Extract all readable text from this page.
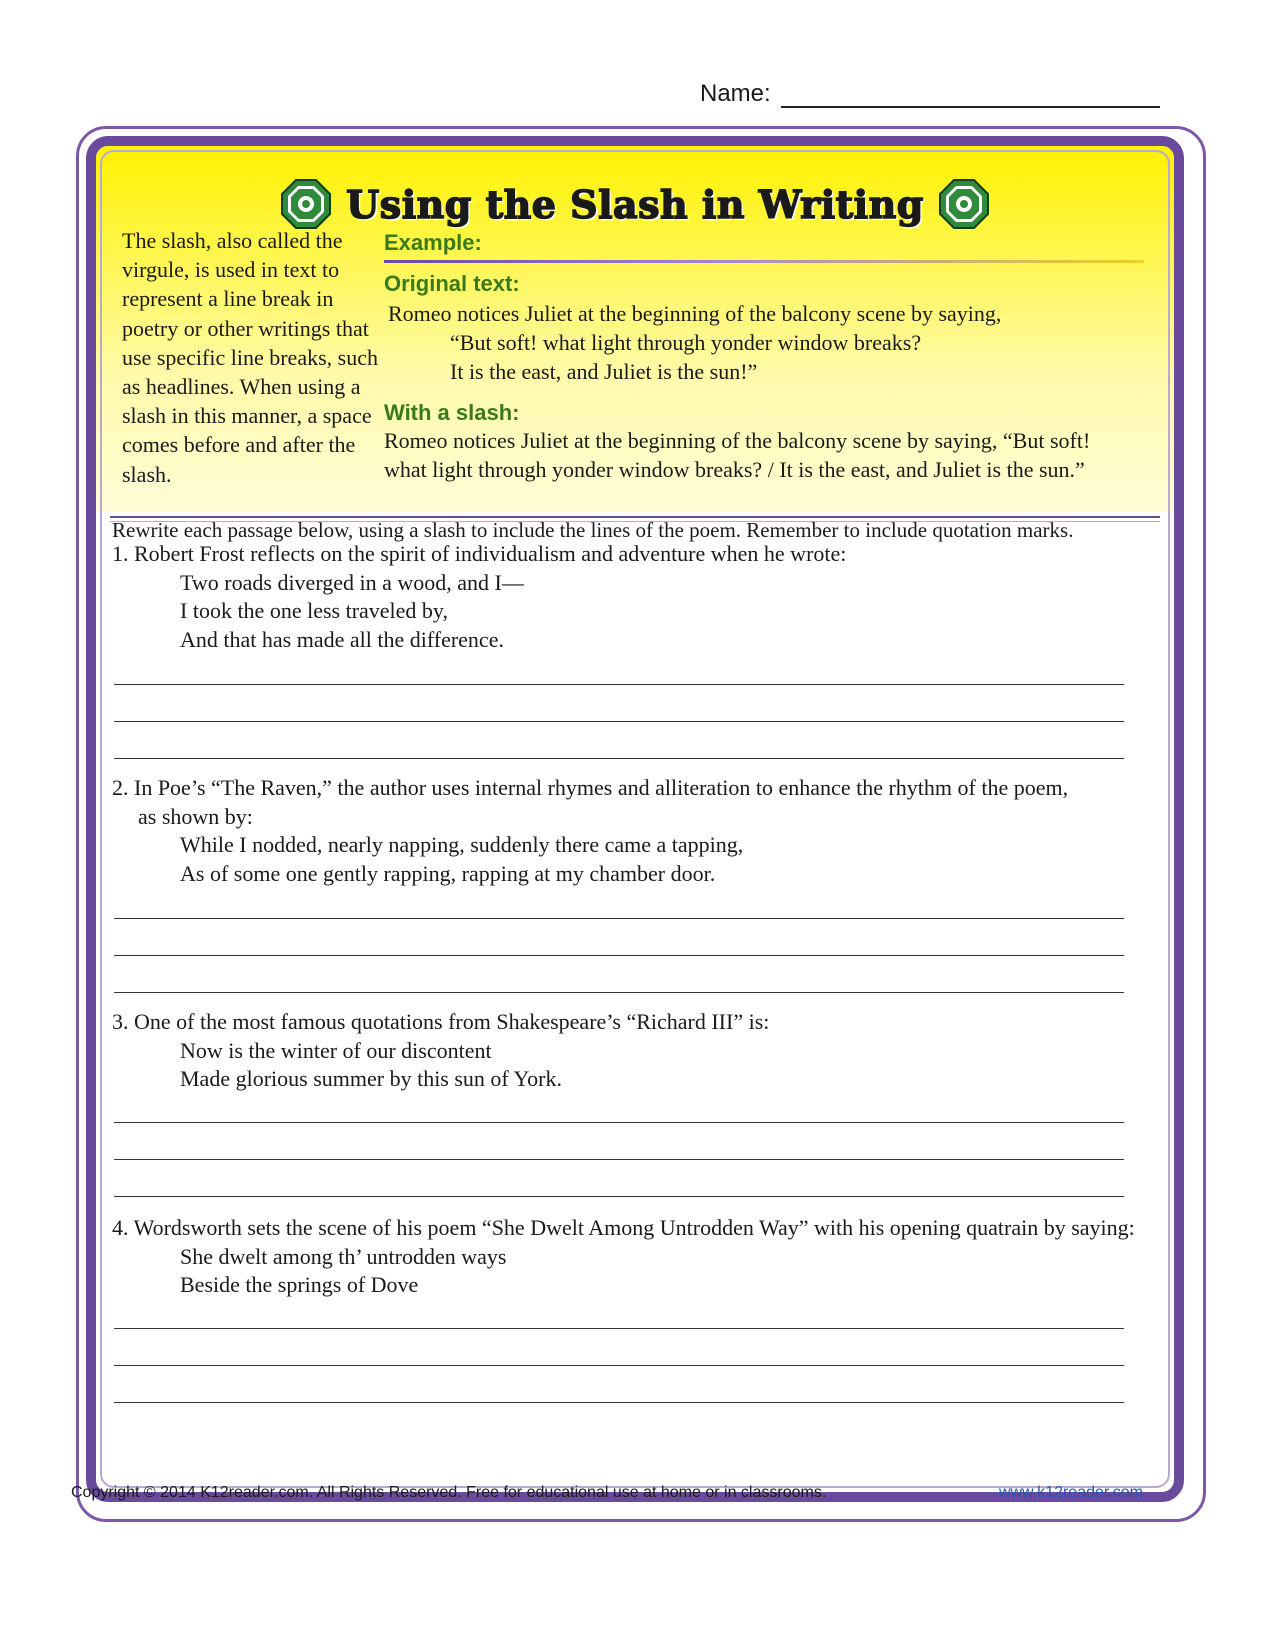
Name:
Using the Slash in Writing
The slash, also called the virgule, is used in text to represent a line break in poetry or other writings that use specific line breaks, such as headlines. When using a slash in this manner, a space comes before and after the slash.
Example:
Original text:
Romeo notices Juliet at the beginning of the balcony scene by saying,
“But soft! what light through yonder window breaks?
It is the east, and Juliet is the sun!”
With a slash:
Romeo notices Juliet at the beginning of the balcony scene by saying, “But soft!
what light through yonder window breaks? / It is the east, and Juliet is the sun.”
Rewrite each passage below, using a slash to include the lines of the poem. Remember to include quotation marks.
1. Robert Frost reflects on the spirit of individualism and adventure when he wrote:
Two roads diverged in a wood, and I—
I took the one less traveled by,
And that has made all the difference.
2. In Poe’s “The Raven,” the author uses internal rhymes and alliteration to enhance the rhythm of the poem,
as shown by:
While I nodded, nearly napping, suddenly there came a tapping,
As of some one gently rapping, rapping at my chamber door.
3. One of the most famous quotations from Shakespeare’s “Richard III” is:
Now is the winter of our discontent
Made glorious summer by this sun of York.
4. Wordsworth sets the scene of his poem “She Dwelt Among Untrodden Way” with his opening quatrain by saying:
She dwelt among th’ untrodden ways
Beside the springs of Dove
Copyright © 2014 K12reader.com. All Rights Reserved. Free for educational use at home or in classrooms.	www.k12reader.com
